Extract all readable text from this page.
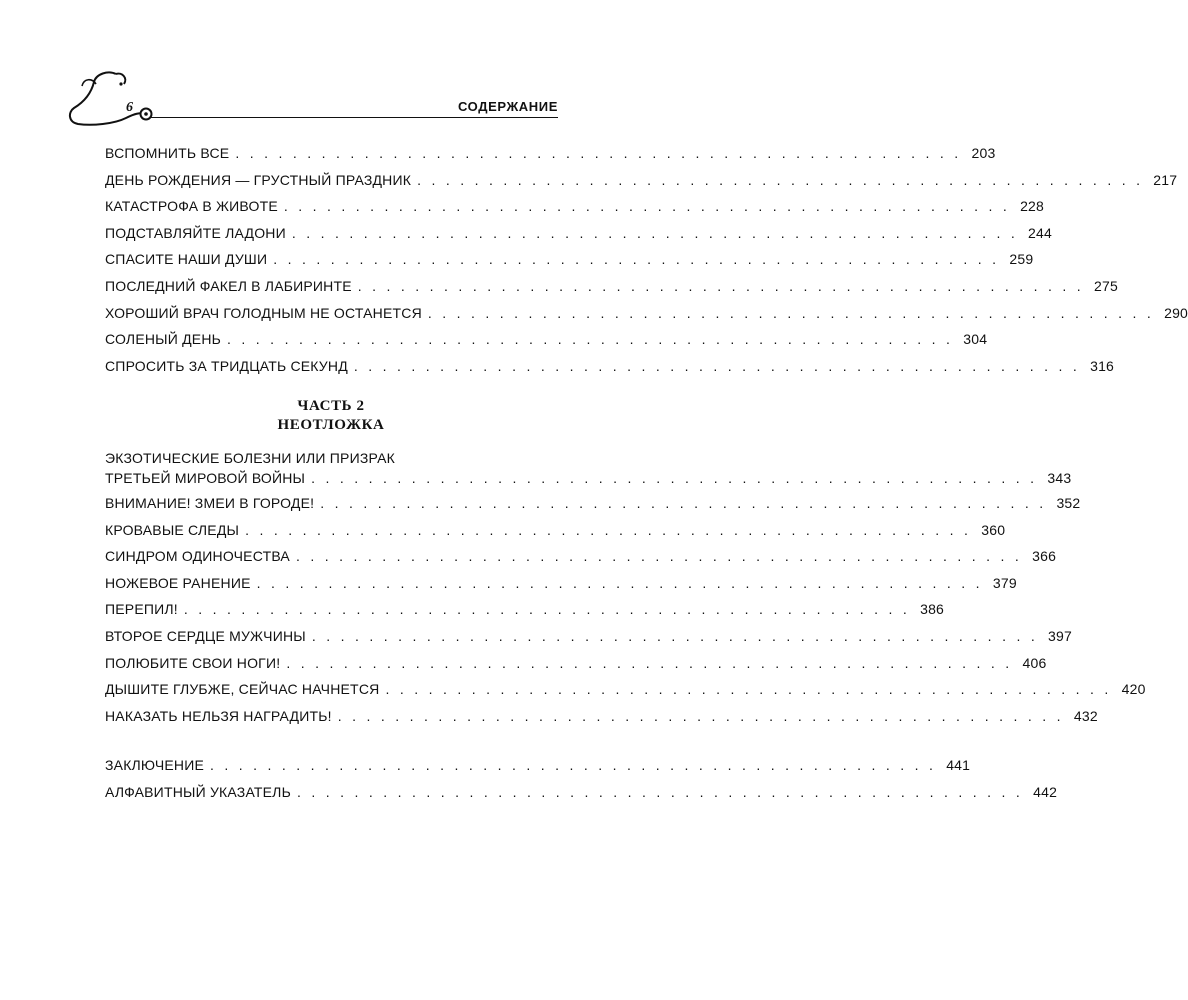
6	СОДЕРЖАНИЕ
ВСПОМНИТЬ ВСЕ . . . . . . . . . . . . . . . . . . . . . . . . . . . . . . . . . . . . . . . . . . . . . . . . . . . 203
ДЕНЬ РОЖДЕНИЯ — ГРУСТНЫЙ ПРАЗДНИК . . . . . . . . . . . . . . . . . . . . . . . . . . . . . . . . . . . . . . . . . . . . . . . . . . . 217
КАТАСТРОФА В ЖИВОТЕ . . . . . . . . . . . . . . . . . . . . . . . . . . . . . . . . . . . . . . . . . . . . . . . . . . . 228
ПОДСТАВЛЯЙТЕ ЛАДОНИ . . . . . . . . . . . . . . . . . . . . . . . . . . . . . . . . . . . . . . . . . . . . . . . . . . . 244
СПАСИТЕ НАШИ ДУШИ . . . . . . . . . . . . . . . . . . . . . . . . . . . . . . . . . . . . . . . . . . . . . . . . . . . 259
ПОСЛЕДНИЙ ФАКЕЛ В ЛАБИРИНТЕ . . . . . . . . . . . . . . . . . . . . . . . . . . . . . . . . . . . . . . . . . . . . . . . . . . . 275
ХОРОШИЙ ВРАЧ ГОЛОДНЫМ НЕ ОСТАНЕТСЯ . . . . . . . . . . . . . . . . . . . . . . . . . . . . . . . . . . . . . . . . . . . . . . . . . . . 290
СОЛЕНЫЙ ДЕНЬ . . . . . . . . . . . . . . . . . . . . . . . . . . . . . . . . . . . . . . . . . . . . . . . . . . . 304
СПРОСИТЬ ЗА ТРИДЦАТЬ СЕКУНД . . . . . . . . . . . . . . . . . . . . . . . . . . . . . . . . . . . . . . . . . . . . . . . . . . . 316
ЧАСТЬ 2
НЕОТЛОЖКА
ЭКЗОТИЧЕСКИЕ БОЛЕЗНИ ИЛИ ПРИЗРАК
ТРЕТЬЕЙ МИРОВОЙ ВОЙНЫ . . . . . . . . . . . . . . . . . . . . . . . . . . . . . . . . . . . . . . . . . . . . . . . . . . . 343
ВНИМАНИЕ! ЗМЕИ В ГОРОДЕ! . . . . . . . . . . . . . . . . . . . . . . . . . . . . . . . . . . . . . . . . . . . . . . . . . . . 352
КРОВАВЫЕ СЛЕДЫ . . . . . . . . . . . . . . . . . . . . . . . . . . . . . . . . . . . . . . . . . . . . . . . . . . . 360
СИНДРОМ ОДИНОЧЕСТВА . . . . . . . . . . . . . . . . . . . . . . . . . . . . . . . . . . . . . . . . . . . . . . . . . . . 366
НОЖЕВОЕ РАНЕНИЕ . . . . . . . . . . . . . . . . . . . . . . . . . . . . . . . . . . . . . . . . . . . . . . . . . . . 379
ПЕРЕПИЛ! . . . . . . . . . . . . . . . . . . . . . . . . . . . . . . . . . . . . . . . . . . . . . . . . . . . 386
ВТОРОЕ СЕРДЦЕ МУЖЧИНЫ . . . . . . . . . . . . . . . . . . . . . . . . . . . . . . . . . . . . . . . . . . . . . . . . . . . 397
ПОЛЮБИТЕ СВОИ НОГИ! . . . . . . . . . . . . . . . . . . . . . . . . . . . . . . . . . . . . . . . . . . . . . . . . . . . 406
ДЫШИТЕ ГЛУБЖЕ, СЕЙЧАС НАЧНЕТСЯ . . . . . . . . . . . . . . . . . . . . . . . . . . . . . . . . . . . . . . . . . . . . . . . . . . . 420
НАКАЗАТЬ НЕЛЬЗЯ НАГРАДИТЬ! . . . . . . . . . . . . . . . . . . . . . . . . . . . . . . . . . . . . . . . . . . . . . . . . . . . 432
ЗАКЛЮЧЕНИЕ . . . . . . . . . . . . . . . . . . . . . . . . . . . . . . . . . . . . . . . . . . . . . . . . . . . 441
АЛФАВИТНЫЙ УКАЗАТЕЛЬ . . . . . . . . . . . . . . . . . . . . . . . . . . . . . . . . . . . . . . . . . . . . . . . . . . . 442
